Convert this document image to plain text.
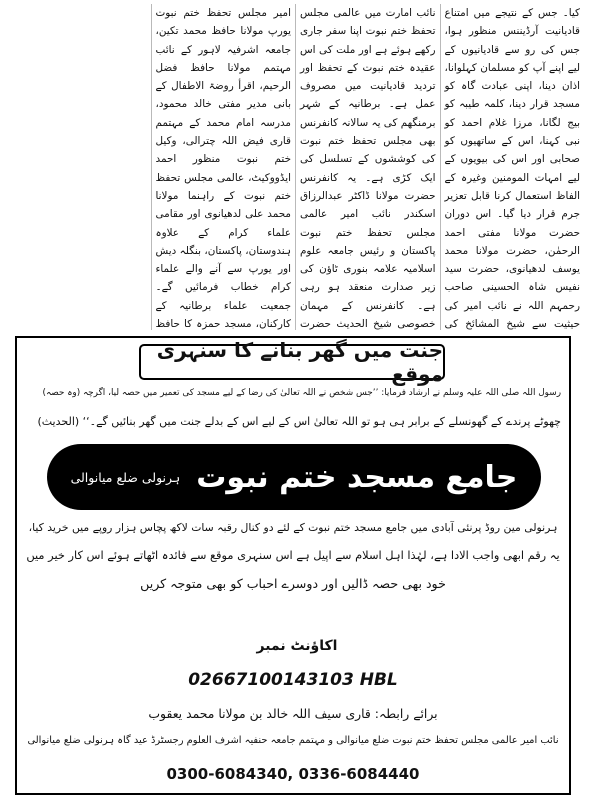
کیا۔ جس کے نتیجے میں امتناع قادیانیت آرڈیننس منظور ہوا، جس کی رو سے قادیانیوں کے لیے اپنے آپ کو مسلمان کہلوانا، اذان دینا، اپنی عبادت گاہ کو مسجد قرار دینا، کلمہ طیبہ کو بیج لگانا، مرزا غلام احمد کو نبی کہنا، اس کے ساتھیوں کو صحابی اور اس کی بیویوں کے لیے امہات المومنین وغیرہ کے الفاظ استعمال کرنا قابل تعزیر جرم قرار دیا گیا۔ اس دوران حضرت مولانا مفتی احمد الرحمٰن، حضرت مولانا محمد یوسف لدھیانوی، حضرت سید نفیس شاہ الحسینی صاحب رحمہم اللہ نے نائب امیر کی حیثیت سے شیخ المشائخ کی

نائب امارت میں عالمی مجلس تحفظ ختم نبوت اپنا سفر جاری رکھے ہوئے ہے اور ملت کی اس عقیدہ ختم نبوت کے تحفظ اور تردید قادیانیت میں مصروف عمل ہے۔ برطانیہ کے شہر برمنگھم کی یہ سالانہ کانفرنس بھی مجلس تحفظ ختم نبوت کی کوششوں کے تسلسل کی ایک کڑی ہے۔ یہ کانفرنس حضرت مولانا ڈاکٹر عبدالرزاق اسکندر نائب امیر عالمی مجلس تحفظ ختم نبوت پاکستان و رئیس جامعہ علوم اسلامیہ علامہ بنوری ٹاؤن کی زیر صدارت منعقد ہو رہی ہے۔ کانفرنس کے مہمان خصوصی شیخ الحدیث حضرت

امیر مجلس تحفظ ختم نبوت یورپ مولانا حافظ محمد تکین، جامعہ اشرفیہ لاہور کے نائب مہتمم مولانا حافظ فضل الرحیم، اقرأ روضۃ الاطفال کے بانی مدیر مفتی خالد محمود، مدرسہ امام محمد کے مہتمم قاری فیض اللہ چترالی، وکیل ختم نبوت منظور احمد ایڈووکیٹ، عالمی مجلس تحفظ ختم نبوت کے راہنما مولانا محمد علی لدھیانوی اور مقامی علماء کرام کے علاوہ ہندوستان، پاکستان، بنگلہ دیش اور یورپ سے آنے والے علماء کرام خطاب فرمائیں گے۔ جمعیت علماء برطانیہ کے کارکنان، مسجد حمزہ کا حافظ

جنت میں گھر بنانے کا سنہری موقع
رسول اللہ صلی اللہ علیہ وسلم نے ارشاد فرمایا: ’’جس شخص نے اللہ تعالیٰ کی رضا کے لیے مسجد کی تعمیر میں حصہ لیا، اگرچہ (وہ حصہ)
چھوٹے پرندے کے گھونسلے کے برابر ہی ہو تو اللہ تعالیٰ اس کے لیے اس کے بدلے جنت میں گھر بنائیں گے۔‘‘ (الحدیث)
جامع مسجد ختم نبوت
ہرنولی ضلع میانوالی
ہرنولی مین روڈ پرنئی آبادی میں جامع مسجد ختم نبوت کے لئے دو کنال رقبہ سات لاکھ پچاس ہزار روپے میں خرید کیا،
یہ رقم ابھی واجب الادا ہے، لہٰذا اہل اسلام سے اپیل ہے اس سنہری موقع سے فائدہ اٹھاتے ہوئے اس کار خیر میں
خود بھی حصہ ڈالیں اور دوسرے احباب کو بھی متوجہ کریں
اکاؤنٹ نمبر
02667100143103 HBL
برائے رابطہ: قاری سیف اللہ خالد بن مولانا محمد یعقوب
نائب امیر عالمی مجلس تحفظ ختم نبوت ضلع میانوالی و مہتمم جامعہ حنفیہ اشرف العلوم رجسٹرڈ عید گاہ ہرنولی ضلع میانوالی
0300-6084340, 0336-6084440
